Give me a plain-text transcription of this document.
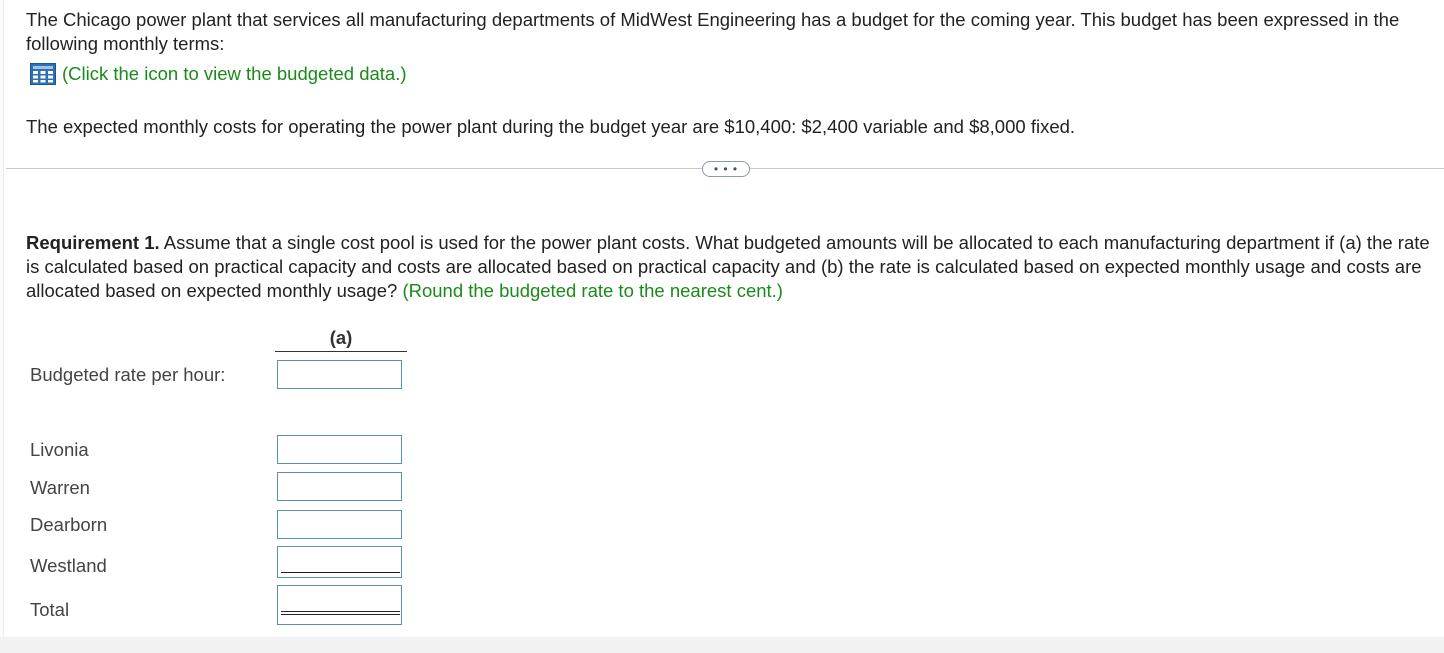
The Chicago power plant that services all manufacturing departments of MidWest Engineering has a budget for the coming year. This budget has been expressed in the following monthly terms:

(Click the icon to view the budgeted data.)

The expected monthly costs for operating the power plant during the budget year are $10,400: $2,400 variable and $8,000 fixed.

• • •

Requirement 1. Assume that a single cost pool is used for the power plant costs. What budgeted amounts will be allocated to each manufacturing department if (a) the rate is calculated based on practical capacity and costs are allocated based on practical capacity and (b) the rate is calculated based on expected monthly usage and costs are allocated based on expected monthly usage? (Round the budgeted rate to the nearest cent.)

(a)
Budgeted rate per hour:
Livonia
Warren
Dearborn
Westland
Total
